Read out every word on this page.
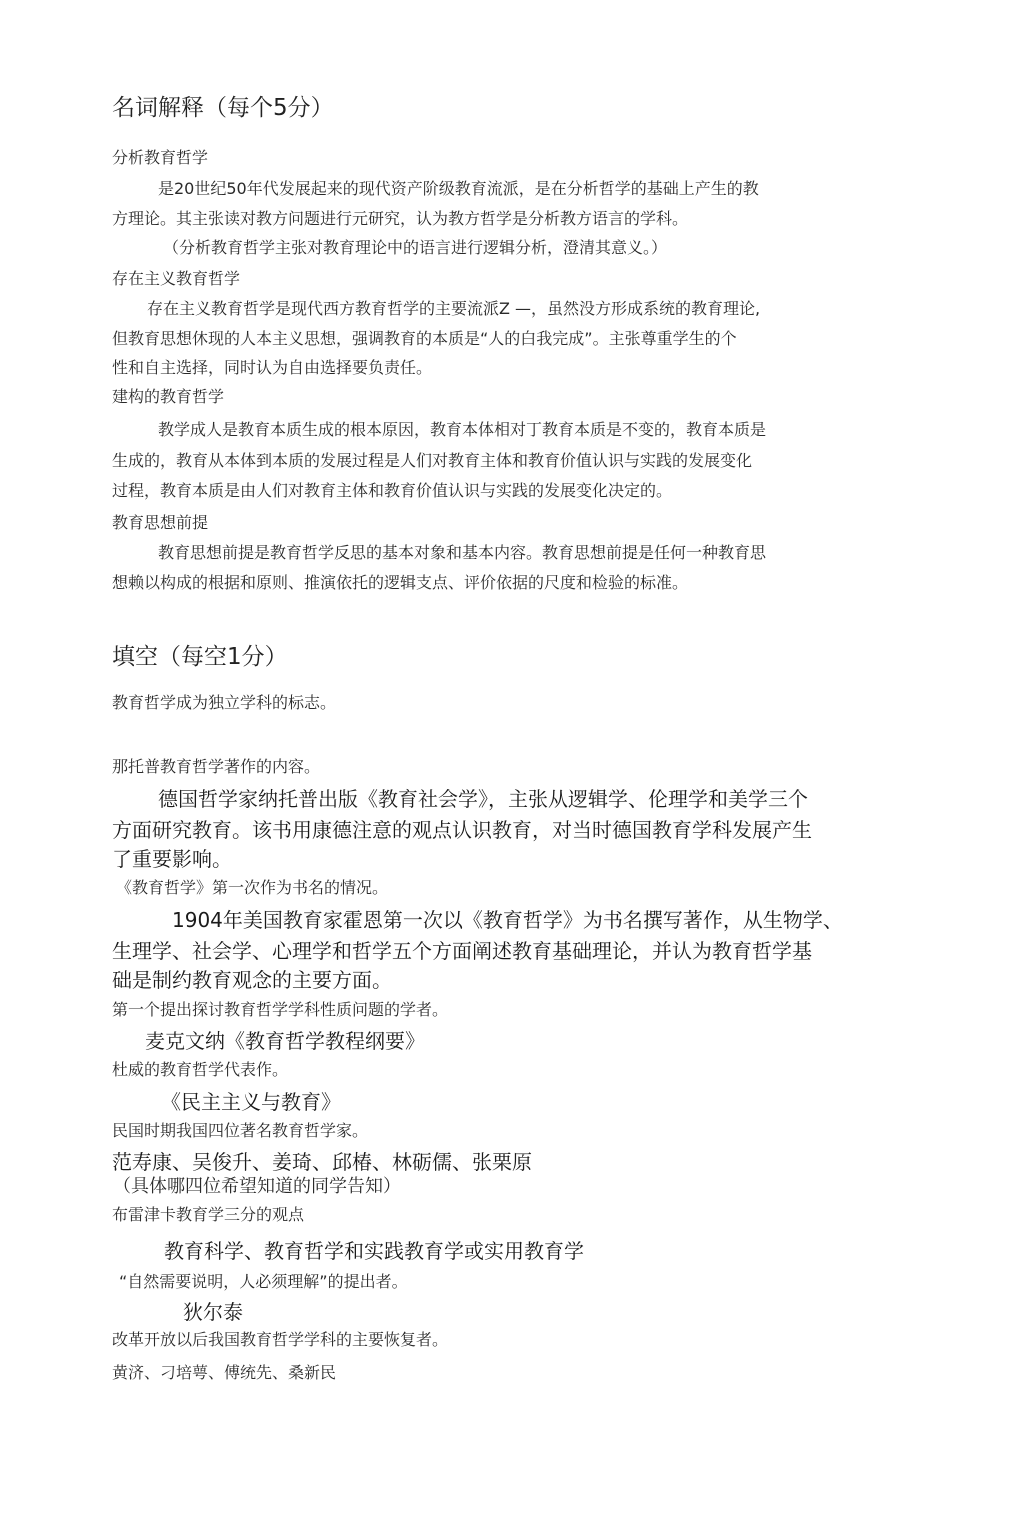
名词解释（每个5分）
分析教育哲学
是20世纪50年代发展起来的现代资产阶级教育流派，是在分析哲学的基础上产生的教
方理论。其主张读对教方问题进行元研究，认为教方哲学是分析教方语言的学科。
（分析教育哲学主张对教育理论中的语言进行逻辑分析，澄清其意义。）
存在主义教育哲学
存在主义教育哲学是现代西方教育哲学的主要流派Z —，虽然没方形成系统的教育理论,
但教育思想休现的人本主义思想，强调教育的本质是“人的白我完成”。主张尊重学生的个
性和自主选择，同时认为自由选择要负责任。
建构的教育哲学
教学成人是教育本质生成的根本原因，教育本体相对丁教育本质是不变的，教育本质是
生成的，教育从本体到本质的发展过程是人们对教育主体和教育价值认识与实践的发展变化
过程，教育本质是由人们对教育主体和教育价值认识与实践的发展变化决定的。
教育思想前提
教育思想前提是教育哲学反思的基本对象和基本内容。教育思想前提是任何一种教育思
想赖以构成的根据和原则、推演依托的逻辑支点、评价依据的尺度和检验的标准。
填空（每空1分）
教育哲学成为独立学科的标志。
那托普教育哲学著作的内容。
德国哲学家纳托普出版《教育社会学》，主张从逻辑学、伦理学和美学三个
方面研究教育。该书用康德注意的观点认识教育，对当时德国教育学科发展产生
了重要影响。
《教育哲学》第一次作为书名的情况。
1904年美国教育家霍恩第一次以《教育哲学》为书名撰写著作，从生物学、
生理学、社会学、心理学和哲学五个方面阐述教育基础理论，并认为教育哲学基
础是制约教育观念的主要方面。
第一个提出探讨教育哲学学科性质问题的学者。
麦克文纳《教育哲学教程纲要》
杜威的教育哲学代表作。
《民主主义与教育》
民国时期我国四位著名教育哲学家。
范寿康、吴俊升、姜琦、邱椿、林砺儒、张栗原
（具体哪四位希望知道的同学告知）
布雷津卡教育学三分的观点
教育科学、教育哲学和实践教育学或实用教育学
“自然需要说明，人必须理解”的提出者。
狄尔泰
改革开放以后我国教育哲学学科的主要恢复者。
黄济、刁培萼、傅统先、桑新民
